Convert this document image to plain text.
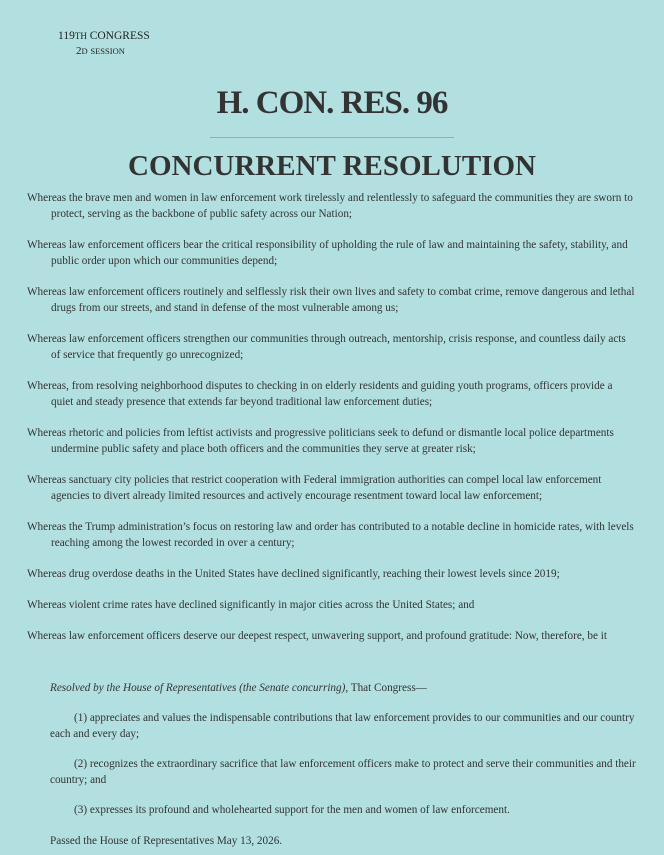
119TH CONGRESS
2D SESSION
H. CON. RES. 96
CONCURRENT RESOLUTION

Whereas the brave men and women in law enforcement work tirelessly and relentlessly to safeguard the communities they are sworn to protect, serving as the backbone of public safety across our Nation;

Whereas law enforcement officers bear the critical responsibility of upholding the rule of law and maintaining the safety, stability, and public order upon which our communities depend;

Whereas law enforcement officers routinely and selflessly risk their own lives and safety to combat crime, remove dangerous and lethal drugs from our streets, and stand in defense of the most vulnerable among us;

Whereas law enforcement officers strengthen our communities through outreach, mentorship, crisis response, and countless daily acts of service that frequently go unrecognized;

Whereas, from resolving neighborhood disputes to checking in on elderly residents and guiding youth programs, officers provide a quiet and steady presence that extends far beyond traditional law enforcement duties;

Whereas rhetoric and policies from leftist activists and progressive politicians seek to defund or dismantle local police departments undermine public safety and place both officers and the communities they serve at greater risk;

Whereas sanctuary city policies that restrict cooperation with Federal immigration authorities can compel local law enforcement agencies to divert already limited resources and actively encourage resentment toward local law enforcement;

Whereas the Trump administration’s focus on restoring law and order has contributed to a notable decline in homicide rates, with levels reaching among the lowest recorded in over a century;

Whereas drug overdose deaths in the United States have declined significantly, reaching their lowest levels since 2019;

Whereas violent crime rates have declined significantly in major cities across the United States; and

Whereas law enforcement officers deserve our deepest respect, unwavering support, and profound gratitude: Now, therefore, be it

Resolved by the House of Representatives (the Senate concurring), That Congress—

(1) appreciates and values the indispensable contributions that law enforcement provides to our communities and our country each and every day;

(2) recognizes the extraordinary sacrifice that law enforcement officers make to protect and serve their communities and their country; and

(3) expresses its profound and wholehearted support for the men and women of law enforcement.

Passed the House of Representatives May 13, 2026.
